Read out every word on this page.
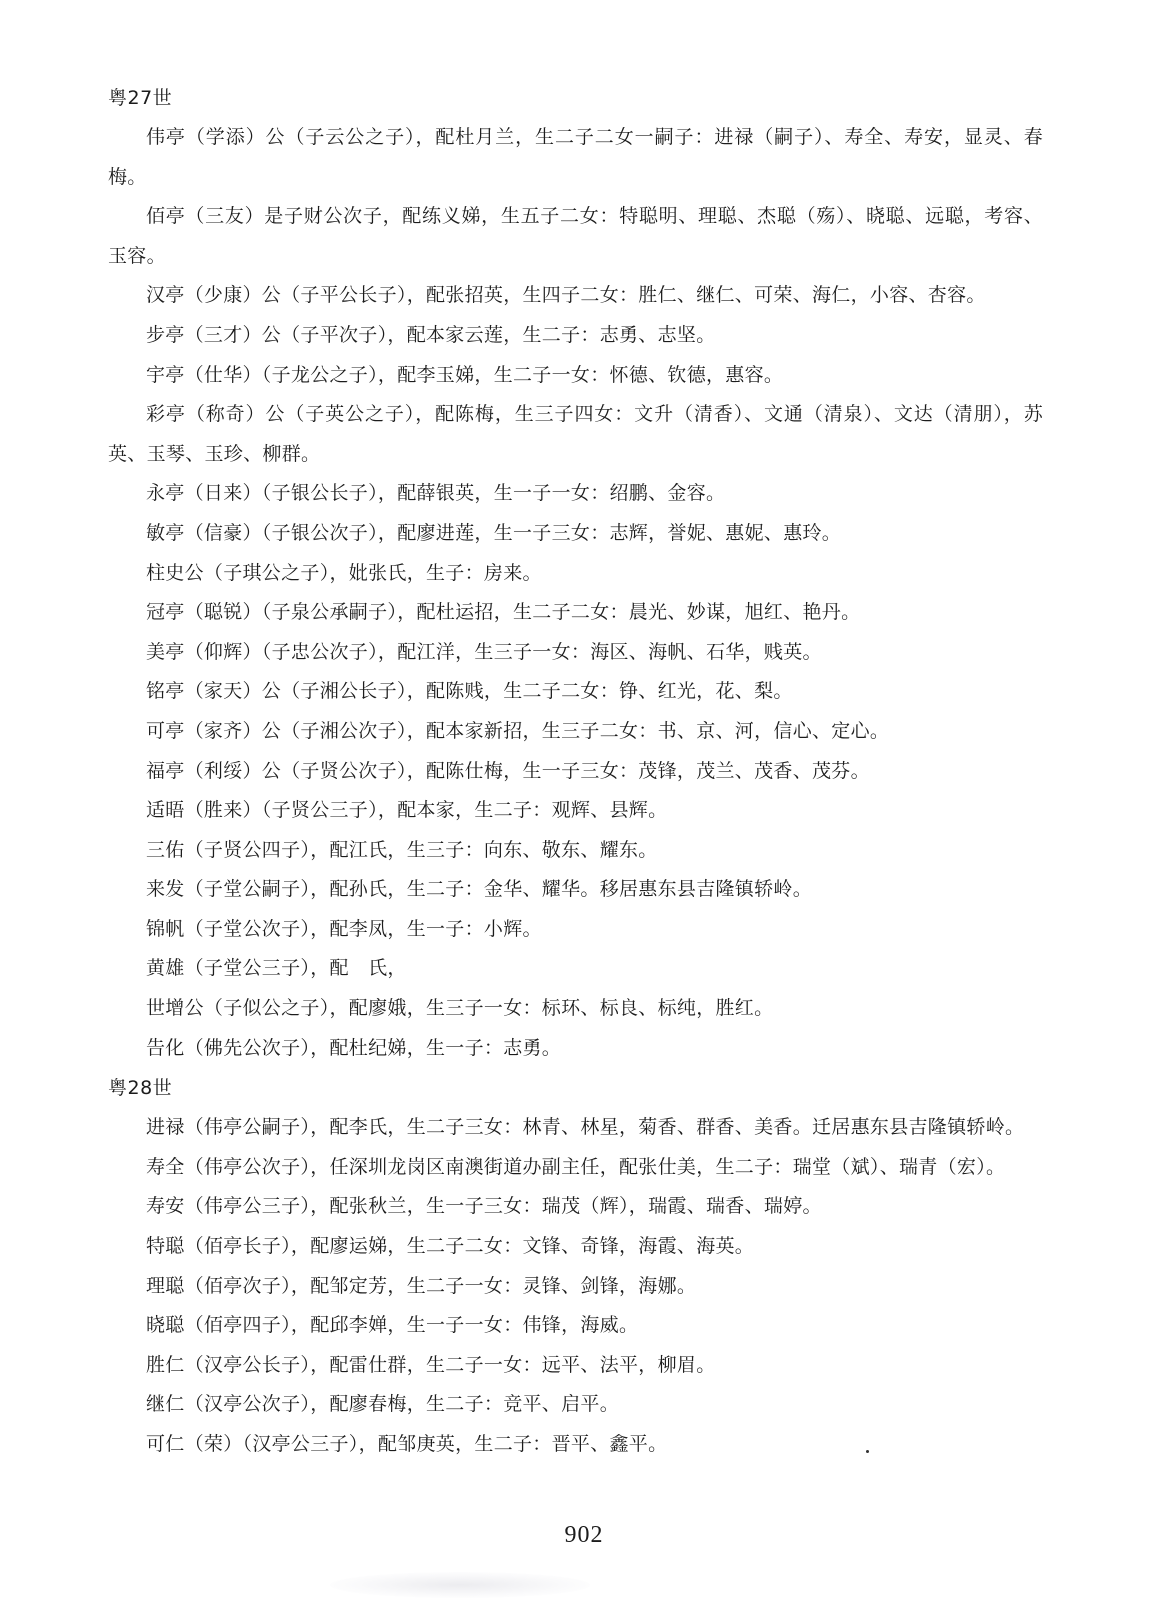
粤27世

伟亭（学添）公（子云公之子），配杜月兰，生二子二女一嗣子：进禄（嗣子）、寿全、寿安，显灵、春梅。

佰亭（三友）是子财公次子，配练义娣，生五子二女：特聪明、理聪、杰聪（殇）、晓聪、远聪，考容、玉容。

汉亭（少康）公（子平公长子），配张招英，生四子二女：胜仁、继仁、可荣、海仁，小容、杏容。

步亭（三才）公（子平次子），配本家云莲，生二子：志勇、志坚。

宇亭（仕华）（子龙公之子），配李玉娣，生二子一女：怀德、钦德，惠容。

彩亭（称奇）公（子英公之子），配陈梅，生三子四女：文升（清香）、文通（清泉）、文达（清朋），苏英、玉琴、玉珍、柳群。

永亭（日来）（子银公长子），配薛银英，生一子一女：绍鹏、金容。

敏亭（信豪）（子银公次子），配廖进莲，生一子三女：志辉，誉妮、惠妮、惠玲。

柱史公（子琪公之子），妣张氏，生子：房来。

冠亭（聪锐）（子泉公承嗣子），配杜运招，生二子二女：晨光、妙谋，旭红、艳丹。

美亭（仰辉）（子忠公次子），配江洋，生三子一女：海区、海帆、石华，贱英。

铭亭（家天）公（子湘公长子），配陈贱，生二子二女：铮、红光，花、梨。

可亭（家齐）公（子湘公次子），配本家新招，生三子二女：书、京、河，信心、定心。

福亭（利绥）公（子贤公次子），配陈仕梅，生一子三女：茂锋，茂兰、茂香、茂芬。

适晤（胜来）（子贤公三子），配本家，生二子：观辉、县辉。

三佑（子贤公四子），配江氏，生三子：向东、敬东、耀东。

来发（子堂公嗣子），配孙氏，生二子：金华、耀华。移居惠东县吉隆镇轿岭。

锦帆（子堂公次子），配李凤，生一子：小辉。

黄雄（子堂公三子），配　氏，

世增公（子似公之子），配廖娥，生三子一女：标环、标良、标纯，胜红。

告化（佛先公次子），配杜纪娣，生一子：志勇。

粤28世

进禄（伟亭公嗣子），配李氏，生二子三女：林青、林星，菊香、群香、美香。迁居惠东县吉隆镇轿岭。

寿全（伟亭公次子），任深圳龙岗区南澳街道办副主任，配张仕美，生二子：瑞堂（斌）、瑞青（宏）。

寿安（伟亭公三子），配张秋兰，生一子三女：瑞茂（辉），瑞霞、瑞香、瑞婷。

特聪（佰亭长子），配廖运娣，生二子二女：文锋、奇锋，海霞、海英。

理聪（佰亭次子），配邹定芳，生二子一女：灵锋、剑锋，海娜。

晓聪（佰亭四子），配邱李婵，生一子一女：伟锋，海威。

胜仁（汉亭公长子），配雷仕群，生二子一女：远平、法平，柳眉。

继仁（汉亭公次子），配廖春梅，生二子：竞平、启平。

可仁（荣）（汉亭公三子），配邹庚英，生二子：晋平、鑫平。

902
